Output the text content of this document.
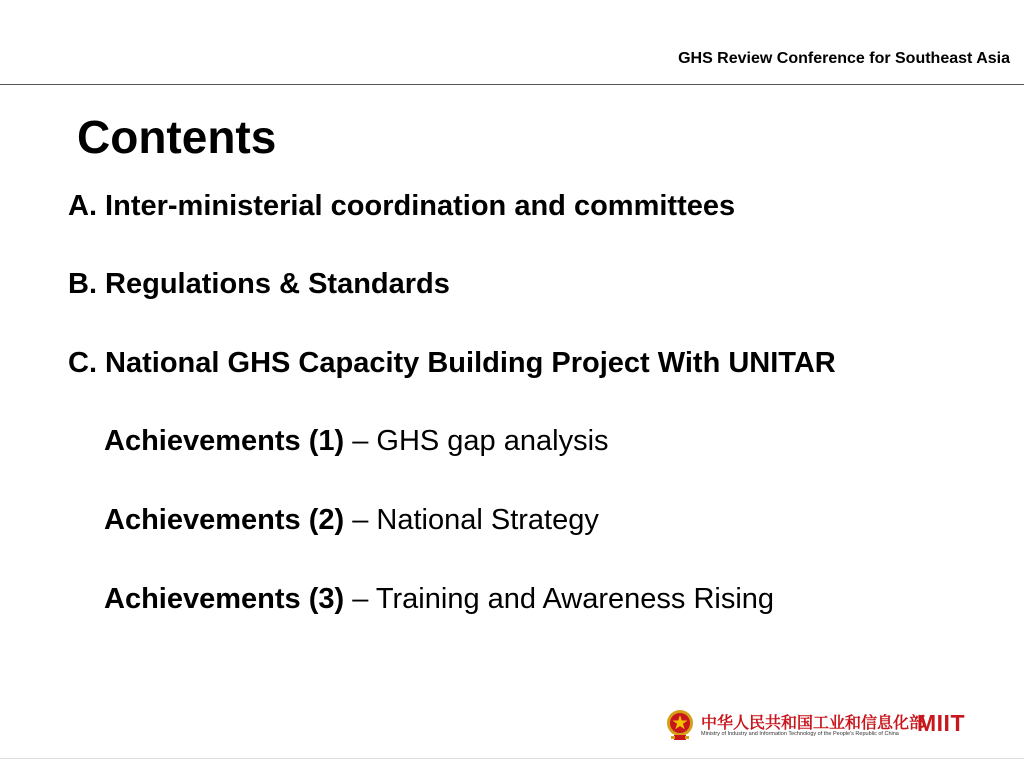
GHS Review Conference for Southeast Asia
Contents
A. Inter-ministerial coordination and committees
B. Regulations & Standards
C. National GHS Capacity Building Project With UNITAR
Achievements (1) – GHS gap analysis
Achievements (2) – National Strategy
Achievements (3) – Training and Awareness Rising
中华人民共和国工业和信息化部
Ministry of Industry and Information Technology of the People's Republic of China MIIT
